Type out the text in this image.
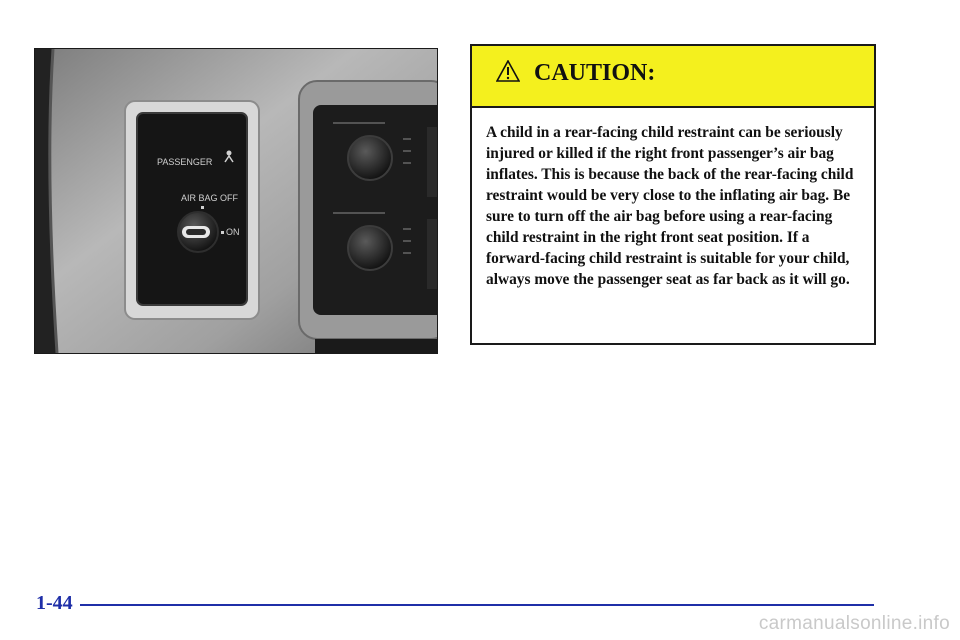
PASSENGER
AIR BAG OFF
ON
CAUTION:
A child in a rear-facing child restraint can be seriously injured or killed if the right front passenger’s air bag inflates. This is because the back of the rear-facing child restraint would be very close to the inflating air bag. Be sure to turn off the air bag before using a rear-facing child restraint in the right front seat position. If a forward-facing child restraint is suitable for your child, always move the passenger seat as far back as it will go.
1-44
carmanualsonline.info
